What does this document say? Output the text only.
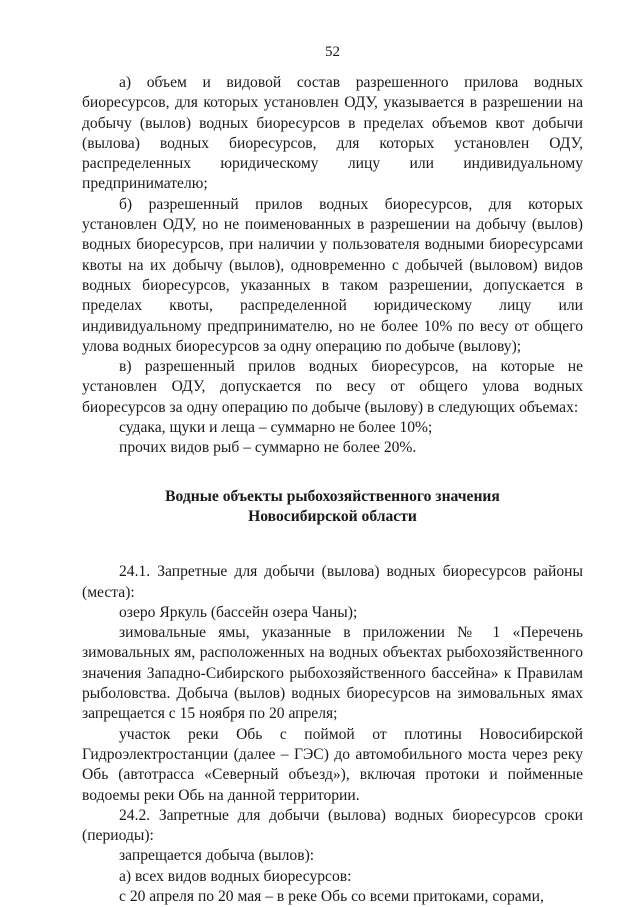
52

а) объем и видовой состав разрешенного прилова водных биоресурсов, для которых установлен ОДУ, указывается в разрешении на добычу (вылов) водных биоресурсов в пределах объемов квот добычи (вылова) водных биоресурсов, для которых установлен ОДУ, распределенных юридическому лицу или индивидуальному предпринимателю;

б) разрешенный прилов водных биоресурсов, для которых установлен ОДУ, но не поименованных в разрешении на добычу (вылов) водных биоресурсов, при наличии у пользователя водными биоресурсами квоты на их добычу (вылов), одновременно с добычей (выловом) видов водных биоресурсов, указанных в таком разрешении, допускается в пределах квоты, распределенной юридическому лицу или индивидуальному предпринимателю, но не более 10% по весу от общего улова водных биоресурсов за одну операцию по добыче (вылову);

в) разрешенный прилов водных биоресурсов, на которые не установлен ОДУ, допускается по весу от общего улова водных биоресурсов за одну операцию по добыче (вылову) в следующих объемах:

судака, щуки и леща – суммарно не более 10%;

прочих видов рыб – суммарно не более 20%.

Водные объекты рыбохозяйственного значения
Новосибирской области

24.1. Запретные для добычи (вылова) водных биоресурсов районы (места):

озеро Яркуль (бассейн озера Чаны);

зимовальные ямы, указанные в приложении № 1 «Перечень зимовальных ям, расположенных на водных объектах рыбохозяйственного значения Западно-Сибирского рыбохозяйственного бассейна» к Правилам рыболовства. Добыча (вылов) водных биоресурсов на зимовальных ямах запрещается с 15 ноября по 20 апреля;

участок реки Обь с поймой от плотины Новосибирской Гидроэлектростанции (далее – ГЭС) до автомобильного моста через реку Обь (автотрасса «Северный объезд»), включая протоки и пойменные водоемы реки Обь на данной территории.

24.2. Запретные для добычи (вылова) водных биоресурсов сроки (периоды):

запрещается добыча (вылов):

а) всех видов водных биоресурсов:

с 20 апреля по 20 мая – в реке Обь со всеми притоками, сорами,
